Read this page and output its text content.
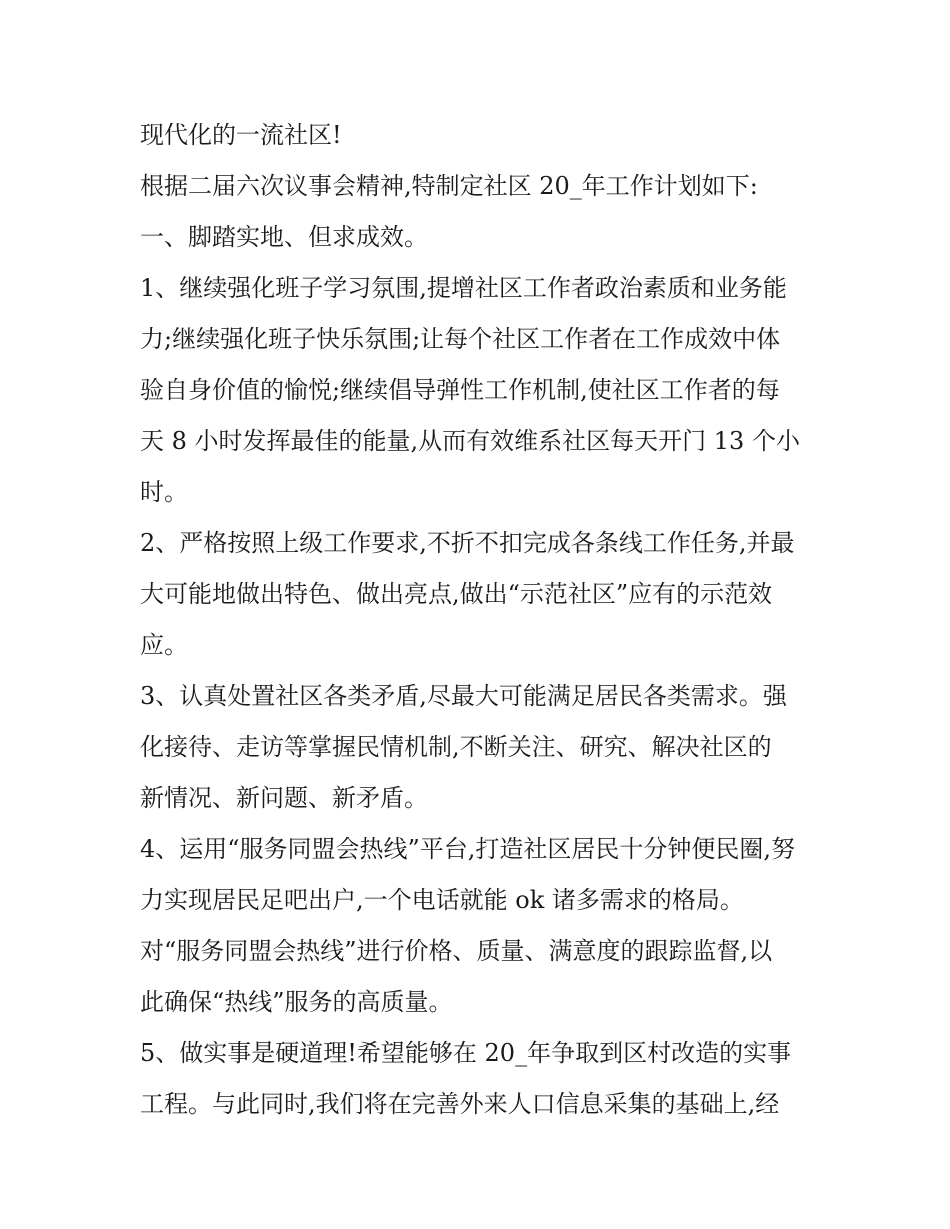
现代化的一流社区!
根据二届六次议事会精神,特制定社区 20_年工作计划如下:
一、脚踏实地、但求成效。
1、继续强化班子学习氛围,提增社区工作者政治素质和业务能
力;继续强化班子快乐氛围;让每个社区工作者在工作成效中体
验自身价值的愉悦;继续倡导弹性工作机制,使社区工作者的每
天 8 小时发挥最佳的能量,从而有效维系社区每天开门 13 个小
时。
2、严格按照上级工作要求,不折不扣完成各条线工作任务,并最
大可能地做出特色、做出亮点,做出“示范社区”应有的示范效
应。
3、认真处置社区各类矛盾,尽最大可能满足居民各类需求。强
化接待、走访等掌握民情机制,不断关注、研究、解决社区的
新情况、新问题、新矛盾。
4、运用“服务同盟会热线”平台,打造社区居民十分钟便民圈,努
力实现居民足吧出户,一个电话就能 ok 诸多需求的格局。
对“服务同盟会热线”进行价格、质量、满意度的跟踪监督,以
此确保“热线”服务的高质量。
5、做实事是硬道理!希望能够在 20_年争取到区村改造的实事
工程。与此同时,我们将在完善外来人口信息采集的基础上,经
